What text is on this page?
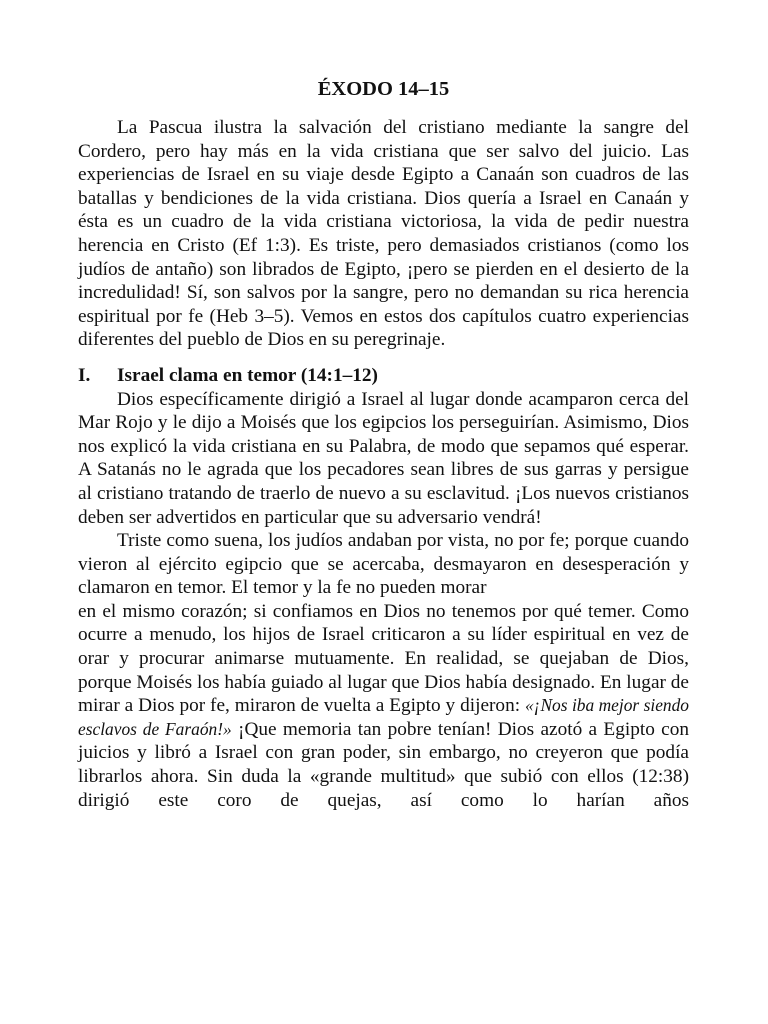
ÉXODO 14–15

La Pascua ilustra la salvación del cristiano mediante la sangre del Cordero, pero hay más en la vida cristiana que ser salvo del juicio. Las experiencias de Israel en su viaje desde Egipto a Canaán son cuadros de las batallas y bendiciones de la vida cristiana. Dios quería a Israel en Canaán y ésta es un cuadro de la vida cristiana victoriosa, la vida de pedir nuestra herencia en Cristo (Ef 1:3). Es triste, pero demasiados cristianos (como los judíos de antaño) son librados de Egipto, ¡pero se pierden en el desierto de la incredulidad! Sí, son salvos por la sangre, pero no demandan su rica herencia espiritual por fe (Heb 3–5). Vemos en estos dos capítulos cuatro experiencias diferentes del pueblo de Dios en su peregrinaje.

I.	Israel clama en temor (14:1–12)

Dios específicamente dirigió a Israel al lugar donde acamparon cerca del Mar Rojo y le dijo a Moisés que los egipcios los perseguirían. Asimismo, Dios nos explicó la vida cristiana en su Palabra, de modo que sepamos qué esperar. A Satanás no le agrada que los pecadores sean libres de sus garras y persigue al cristiano tratando de traerlo de nuevo a su esclavitud. ¡Los nuevos cristianos deben ser advertidos en particular que su adversario vendrá!

Triste como suena, los judíos andaban por vista, no por fe; porque cuando vieron al ejército egipcio que se acercaba, desmayaron en desesperación y clamaron en temor. El temor y la fe no pueden morar

en el mismo corazón; si confiamos en Dios no tenemos por qué temer. Como ocurre a menudo, los hijos de Israel criticaron a su líder espiritual en vez de orar y procurar animarse mutuamente. En realidad, se quejaban de Dios, porque Moisés los había guiado al lugar que Dios había designado. En lugar de mirar a Dios por fe, miraron de vuelta a Egipto y dijeron: «¡Nos iba mejor siendo esclavos de Faraón!» ¡Que memoria tan pobre tenían! Dios azotó a Egipto con juicios y libró a Israel con gran poder, sin embargo, no creyeron que podía librarlos ahora. Sin duda la «grande multitud» que subió con ellos (12:38) dirigió este coro de quejas, así como lo harían años
